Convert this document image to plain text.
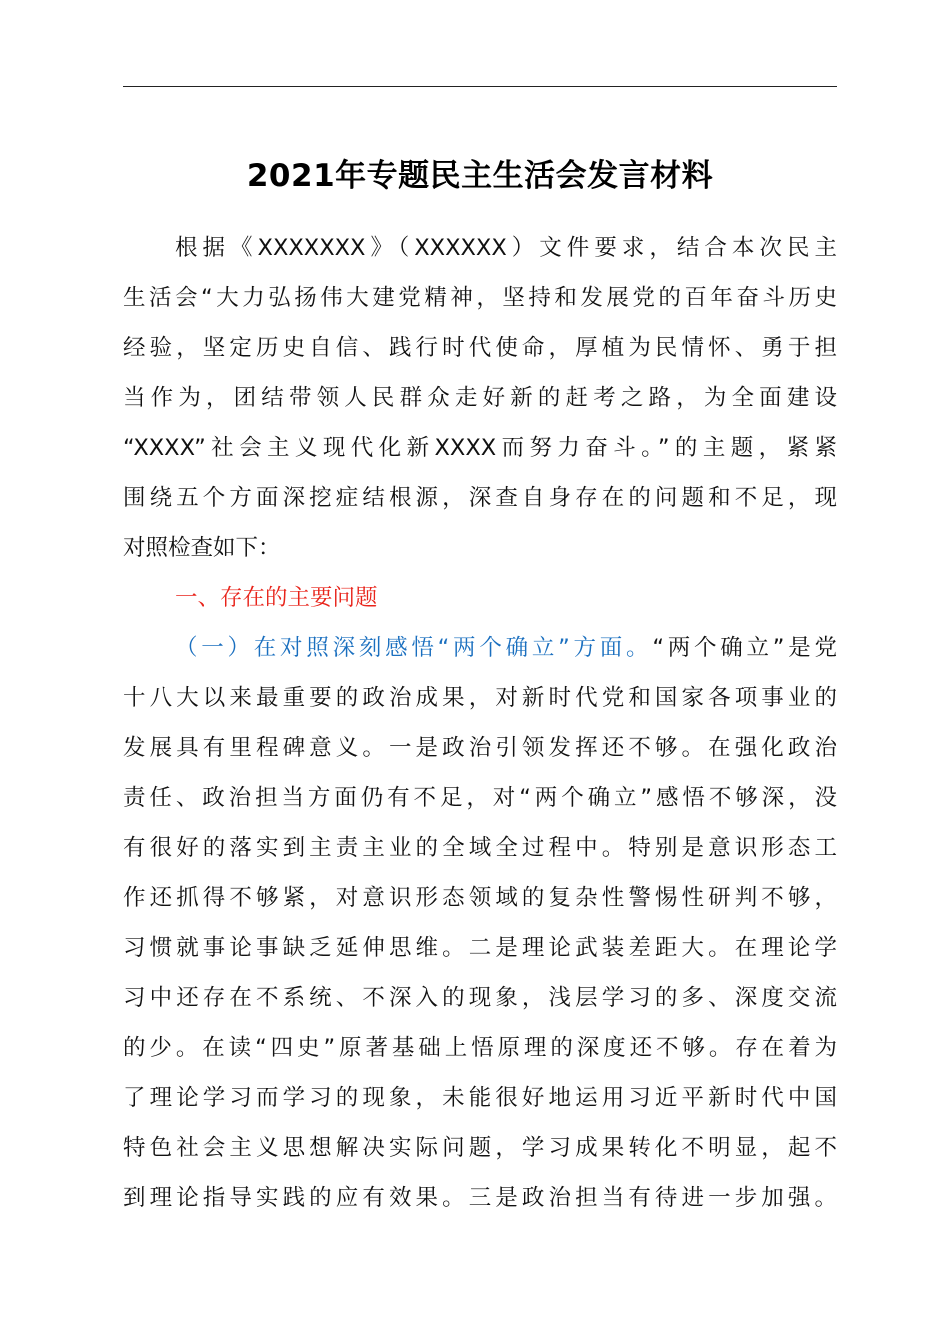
2021年专题民主生活会发言材料
根据《XXXXXXX》（XXXXXX）文件要求，结合本次民主
生活会“大力弘扬伟大建党精神，坚持和发展党的百年奋斗历史
经验，坚定历史自信、践行时代使命，厚植为民情怀、勇于担
当作为，团结带领人民群众走好新的赶考之路，为全面建设
“XXXX”社会主义现代化新XXXX而努力奋斗。”的主题，紧紧
围绕五个方面深挖症结根源，深查自身存在的问题和不足，现
对照检查如下：
一、存在的主要问题
（一）在对照深刻感悟“两个确立”方面。“两个确立”是党
十八大以来最重要的政治成果，对新时代党和国家各项事业的
发展具有里程碑意义。一是政治引领发挥还不够。在强化政治
责任、政治担当方面仍有不足，对“两个确立”感悟不够深，没
有很好的落实到主责主业的全域全过程中。特别是意识形态工
作还抓得不够紧，对意识形态领域的复杂性警惕性研判不够，
习惯就事论事缺乏延伸思维。二是理论武装差距大。在理论学
习中还存在不系统、不深入的现象，浅层学习的多、深度交流
的少。在读“四史”原著基础上悟原理的深度还不够。存在着为
了理论学习而学习的现象，未能很好地运用习近平新时代中国
特色社会主义思想解决实际问题，学习成果转化不明显，起不
到理论指导实践的应有效果。三是政治担当有待进一步加强。
